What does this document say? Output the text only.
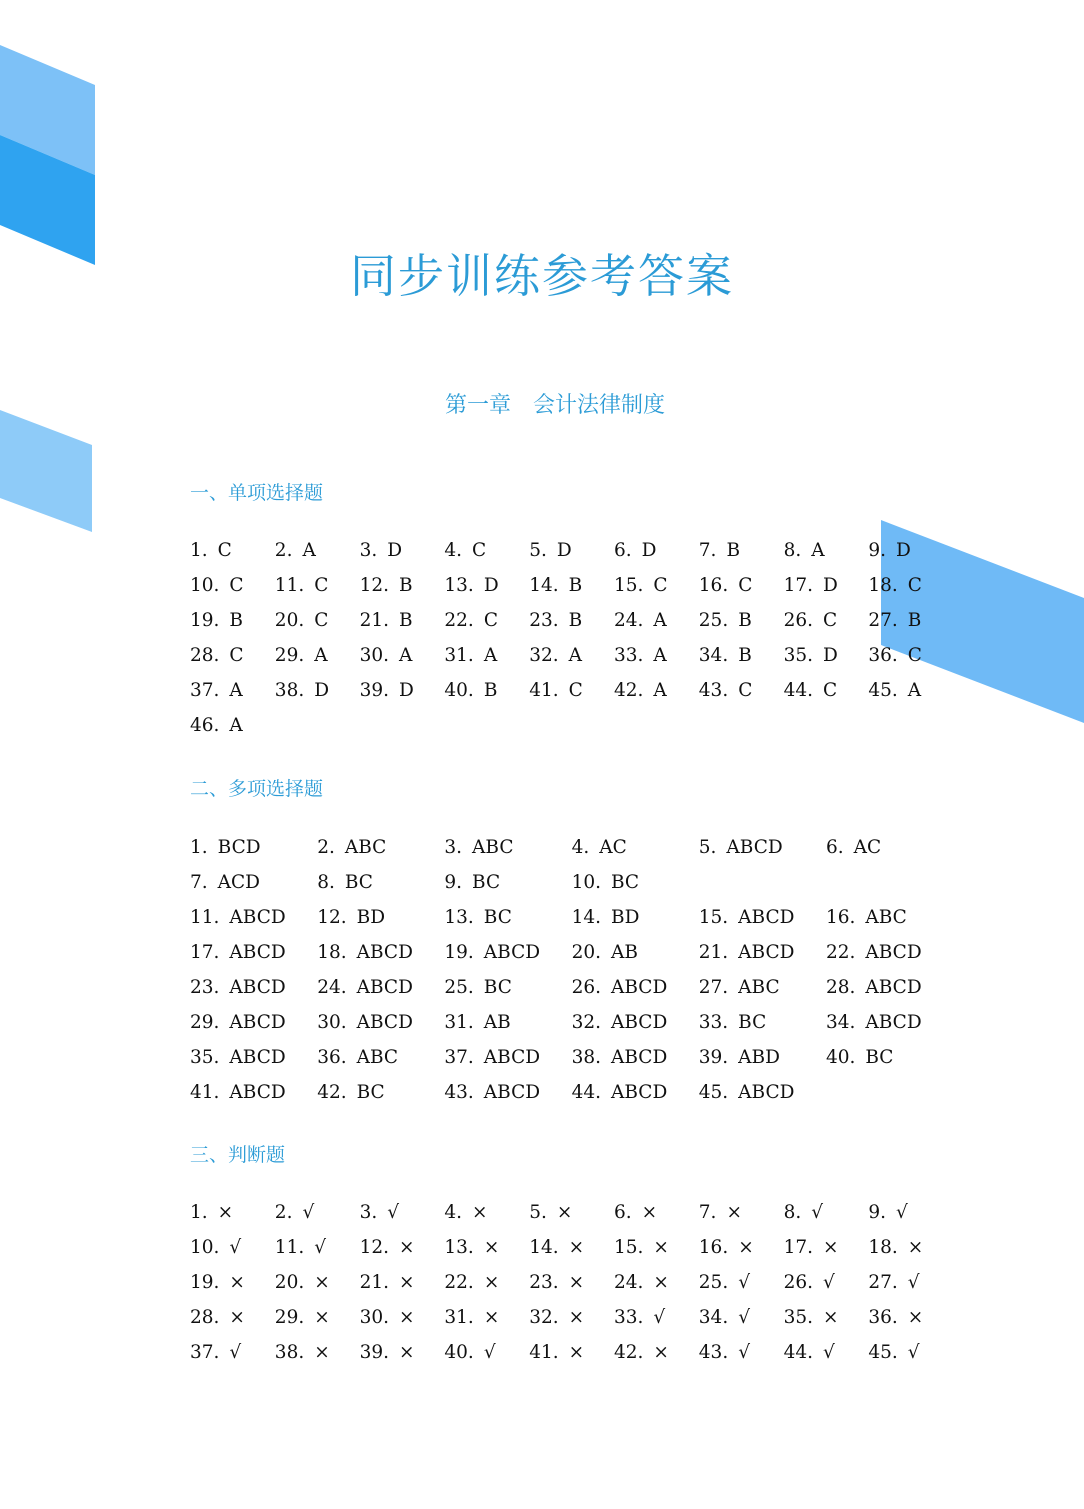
同步训练参考答案
第一章　会计法律制度
一、单项选择题
1. C	2. A	3. D	4. C	5. D	6. D	7. B	8. A	9. D
10. C	11. C	12. B	13. D	14. B	15. C	16. C	17. D	18. C
19. B	20. C	21. B	22. C	23. B	24. A	25. B	26. C	27. B
28. C	29. A	30. A	31. A	32. A	33. A	34. B	35. D	36. C
37. A	38. D	39. D	40. B	41. C	42. A	43. C	44. C	45. A
46. A
二、多项选择题
1. BCD	2. ABC	3. ABC	4. AC	5. ABCD	6. AC
7. ACD	8. BC	9. BC	10. BC
11. ABCD	12. BD	13. BC	14. BD	15. ABCD	16. ABC
17. ABCD	18. ABCD	19. ABCD	20. AB	21. ABCD	22. ABCD
23. ABCD	24. ABCD	25. BC	26. ABCD	27. ABC	28. ABCD
29. ABCD	30. ABCD	31. AB	32. ABCD	33. BC	34. ABCD
35. ABCD	36. ABC	37. ABCD	38. ABCD	39. ABD	40. BC
41. ABCD	42. BC	43. ABCD	44. ABCD	45. ABCD
三、判断题
1. ×	2. √	3. √	4. ×	5. ×	6. ×	7. ×	8. √	9. √
10. √	11. √	12. ×	13. ×	14. ×	15. ×	16. ×	17. ×	18. ×
19. ×	20. ×	21. ×	22. ×	23. ×	24. ×	25. √	26. √	27. √
28. ×	29. ×	30. ×	31. ×	32. ×	33. √	34. √	35. ×	36. ×
37. √	38. ×	39. ×	40. √	41. ×	42. ×	43. √	44. √	45. √
